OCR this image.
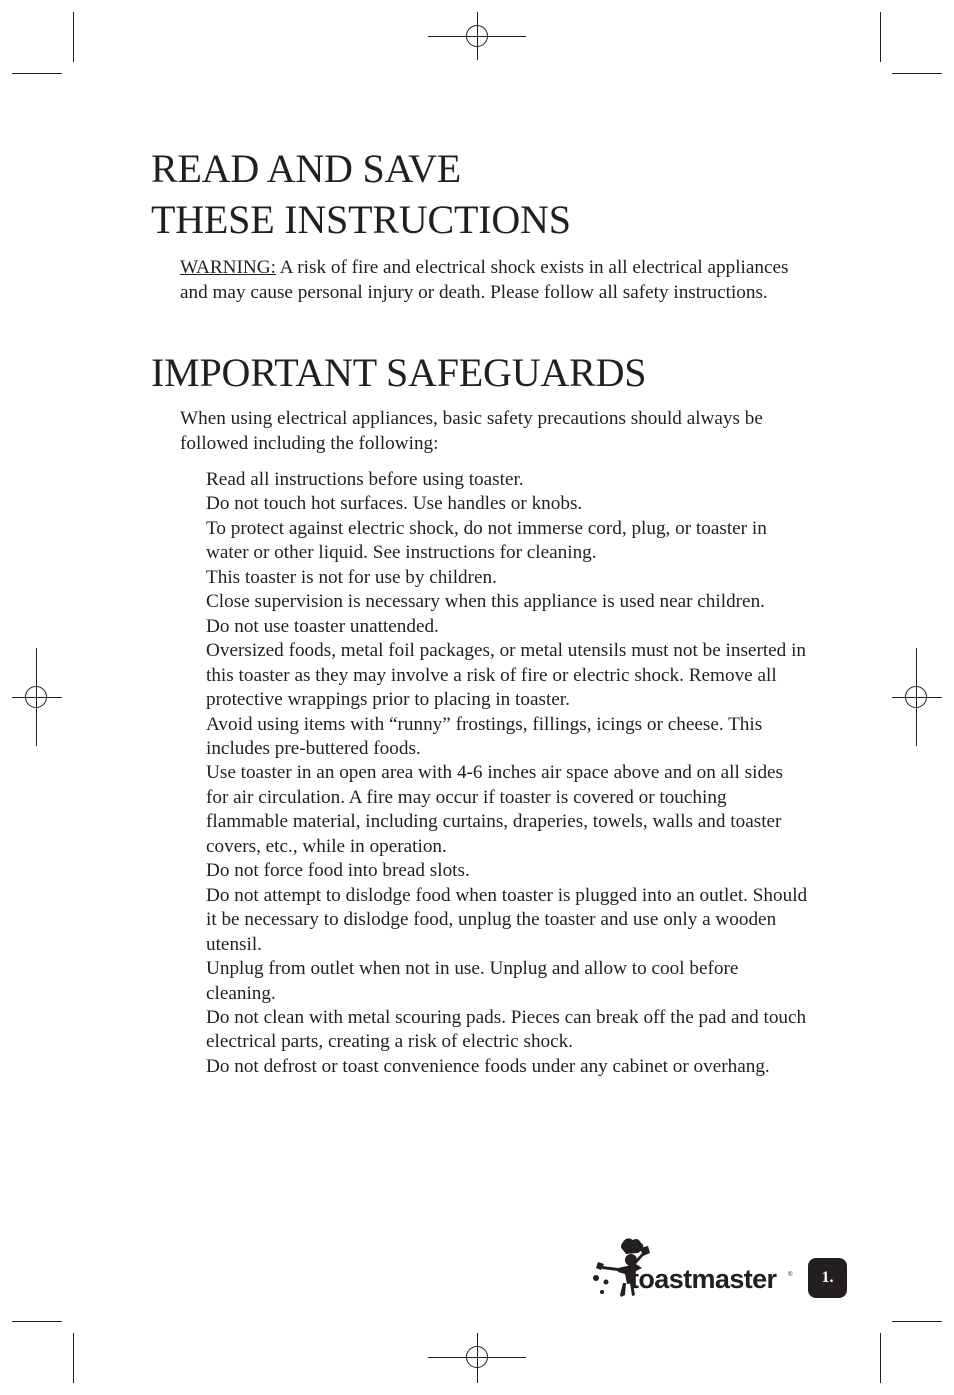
READ AND SAVE
THESE INSTRUCTIONS

WARNING: A risk of fire and electrical shock exists in all electrical appliances and may cause personal injury or death. Please follow all safety instructions.

IMPORTANT SAFEGUARDS

When using electrical appliances, basic safety precautions should always be followed including the following:

Read all instructions before using toaster.
Do not touch hot surfaces. Use handles or knobs.
To protect against electric shock, do not immerse cord, plug, or toaster in water or other liquid. See instructions for cleaning.
This toaster is not for use by children.
Close supervision is necessary when this appliance is used near children.
Do not use toaster unattended.
Oversized foods, metal foil packages, or metal utensils must not be inserted in this toaster as they may involve a risk of fire or electric shock. Remove all protective wrappings prior to placing in toaster.
Avoid using items with “runny” frostings, fillings, icings or cheese. This includes pre-buttered foods.
Use toaster in an open area with 4-6 inches air space above and on all sides for air circulation. A fire may occur if toaster is covered or touching flammable material, including curtains, draperies, towels, walls and toaster covers, etc., while in operation.
Do not force food into bread slots.
Do not attempt to dislodge food when toaster is plugged into an outlet. Should it be necessary to dislodge food, unplug the toaster and use only a wooden utensil.
Unplug from outlet when not in use. Unplug and allow to cool before cleaning.
Do not clean with metal scouring pads. Pieces can break off the pad and touch electrical parts, creating a risk of electric shock.
Do not defrost or toast convenience foods under any cabinet or overhang.
toastmaster ® 1.
